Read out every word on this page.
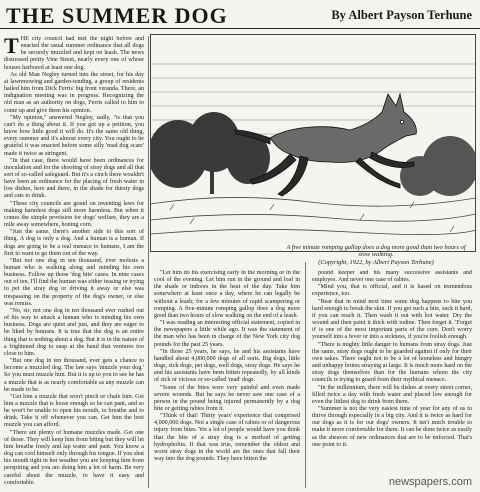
THE SUMMER DOG	By Albert Payson Terhune

THE city council had met the night before and enacted the usual summer ordinance that all dogs be securely muzzled and kept on leash. The news distressed pretty Vine Street, nearly every one of whose houses harbored at least one dog.

As old Man Negley turned into the street, for his day at lawnmowing and garden-tending, a group of residents hailed him from Dick Ferris' big front veranda. There, an indignation meeting was in progress. Recognizing the old man as an authority on dogs, Ferris called to him to come up and give them his opinion.

"My opinion," answered Negley, sadly, "is that you can't do a thing about it. If you got up a petition, you know how little good it will do. It's the same old thing, every summer and it's almost every city. You ought to be grateful it was enacted before some silly 'mad dog scare' made it twice as stringent.

"In that case, there would have been ordinances for inoculation and for the shooting of stray dogs and all that sort of so-called safeguard. But it's a cinch there wouldn't have been an ordinance for the placing of fresh water in low dishes, here and there, in the shade for thirsty dogs and cats to drink.

"These city councils are grand on inventing laws for making harmless dogs still more harmless. But when it comes the simple provision for dogs' welfare, they are a mile away somewhere, honing corn.

"Just the same, there's another side to this sort of thing. A dog is only a dog. And a human is a human. If dogs are going to be a real menace to humans, I am the first to want to go them out of the way.

"But not one dog in ten thousand, ever molests a human who is walking along and minding his own business. Follow up those 'dog bite' cases. In nine cases out of ten, I'll find the human was either teasing or trying to pet the stray dog or driving it away or else was trespassing on the property of the dog's owner, or else was remiss.

"No, sir, not one dog in ten thousand ever rushed out of his way to attack a human who is minding his own business. Dogs are quiet and just, and they are eager to be liked by humans. It is true that the dog is an entire thing that is nothing about a dog. But it is in the nature of a frightened dog to snap at the hand that ventures too close to him.

"But one dog in ten thousand, ever gets a chance to become a muzzled dog. The law says 'muzzle your dog.' So you must muzzle him. But it is up to you to see he has a muzzle that is as nearly comfortable as any muzzle can be made to be.

"Get him a muzzle that won't pinch or chafe him. Get him a muzzle that is loose enough so he can pant, and so he won't be unable to open his mouth, to breathe and to drink. Take it off whenever you can. Get him the best muzzle you can afford.

"There are plenty of humane muzzles made. Get one of those. They will keep him from biting but they will let him breathe freely and lap water and pant. You know a dog can cool himself only through his tongue. If you shut his mouth tight in hot weather you are keeping him from perspiring and you are doing him a lot of harm. Be very careful about the muzzle, to have it easy and comfortable.

A five minute romping gallop does a dog more good than two hours of slow walking.
(Copyright, 1922, by Albert Payson Terhune)

"Let him do his exercising early in the morning or in the cool of the evening. Let him run in the ground and loaf in the shade or indoors in the heat of the day. Take him somewhere at least once a day, where he can legally be without a leash; for a few minutes of rapid scampering or romping. A five-minute romping gallop does a dog more good than two hours of slow walking on the end of a leash.

"I was reading an interesting official statement, copied in the newspapers a little while ago. It was the statement of the man who has been in charge of the New York city dog pounds for the past 25 years.

"In those 25 years, he says, he and his assistants have handled about 4,000,000 dogs of all sorts. Big dogs, little dogs, sick dogs, pet dogs, well dogs, stray dogs. He says he and his assistants have been bitten repeatedly, by all kinds of sick or vicious or so-called 'mad' dogs.

"Some of the bites were very painful and even made severe wounds. But he says he never saw one case of a person in the pound being injured permanently by a dog bite or getting rabies from it.

"Think of that! Thirty years' experience that comprised 4,000,000 dogs. Not a single case of rabies or of dangerous injury from bites. Yet a lot of people would have you think that the bite of a stray dog is a method of getting hydrophobia. If that was true, remember the oldest and worst stray dogs in the world are the ones that fall their way into the dog pounds. They have bitten the

pound keeper and his many successive assistants and employes. And never one case of rabies.

"Mind you, that is official, and it is based on tremendous experience, too.

"Bear that in mind next time some dog happens to bite you hard enough to break the skin. If you get such a bite, suck it hard, if you can reach it. Then wash it out with hot water. Dry the wound and then paint it thick with iodine. Then forget it. 'Forget it' is one of the most important parts of the cure. Don't worry yourself into a fever or into a sickness, if you're foolish enough.

"There is mighty little danger to humans from stray dogs. Just the same, stray dogs ought to be guarded against if only for their own sakes. There ought not to be a lot of homeless and hungry and unhappy brutes straying at large. It is much more hard on the stray dogs themselves than for the humans whom the city councils is trying to guard from their mythical menace.

"In the millennium, there will be dishes at every street corner, filled twice a day with fresh water and placed low enough for even the littlest dog to drink from them.

"Summer is not the very easiest time of year for any of us to thrive through especially in a big city. And it is twice as hard for our dogs as it is for our dogs' owners. It isn't much trouble to make it more comfortable for them. It can be done twice as easily as the sheaves of new ordinances that are to be enforced. That's one point to it.

newspapers.com
